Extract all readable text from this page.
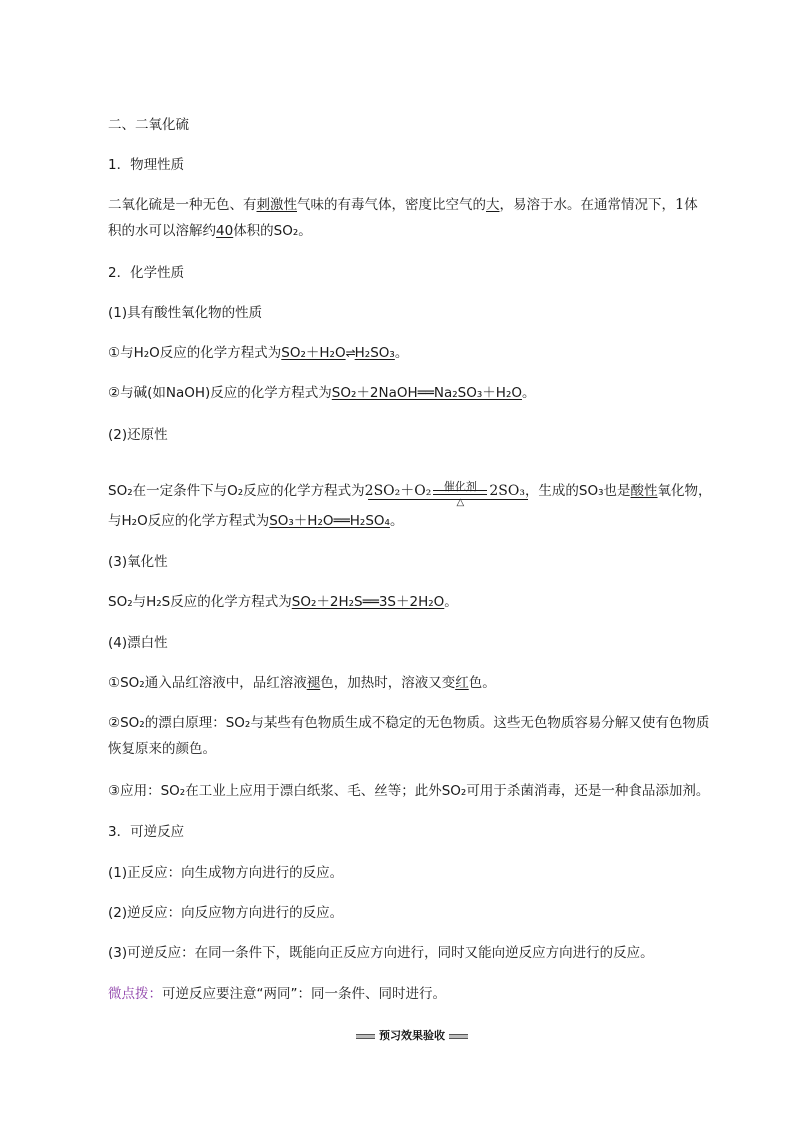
二、二氧化硫
1．物理性质
二氧化硫是一种无色、有刺激性气味的有毒气体，密度比空气的大，易溶于水。在通常情况下，1体
积的水可以溶解约40体积的SO₂。
2．化学性质
(1)具有酸性氧化物的性质
①与H₂O反应的化学方程式为SO₂＋H₂O⇌H₂SO₃。
②与碱(如NaOH)反应的化学方程式为SO₂＋2NaOH══Na₂SO₃＋H₂O。
(2)还原性
SO₂在一定条件下与O₂反应的化学方程式为2SO₂＋O₂	催化剂
△
2SO₃，生成的SO₃也是酸性氧化物，
与H₂O反应的化学方程式为SO₃＋H₂O══H₂SO₄。
(3)氧化性
SO₂与H₂S反应的化学方程式为SO₂＋2H₂S══3S＋2H₂O。
(4)漂白性
①SO₂通入品红溶液中，品红溶液褪色，加热时，溶液又变红色。
②SO₂的漂白原理：SO₂与某些有色物质生成不稳定的无色物质。这些无色物质容易分解又使有色物质
恢复原来的颜色。
③应用：SO₂在工业上应用于漂白纸浆、毛、丝等；此外SO₂可用于杀菌消毒，还是一种食品添加剂。
3．可逆反应
(1)正反应：向生成物方向进行的反应。
(2)逆反应：向反应物方向进行的反应。
(3)可逆反应：在同一条件下，既能向正反应方向进行，同时又能向逆反应方向进行的反应。
微点拨：可逆反应要注意“两同”：同一条件、同时进行。
预习效果验收
